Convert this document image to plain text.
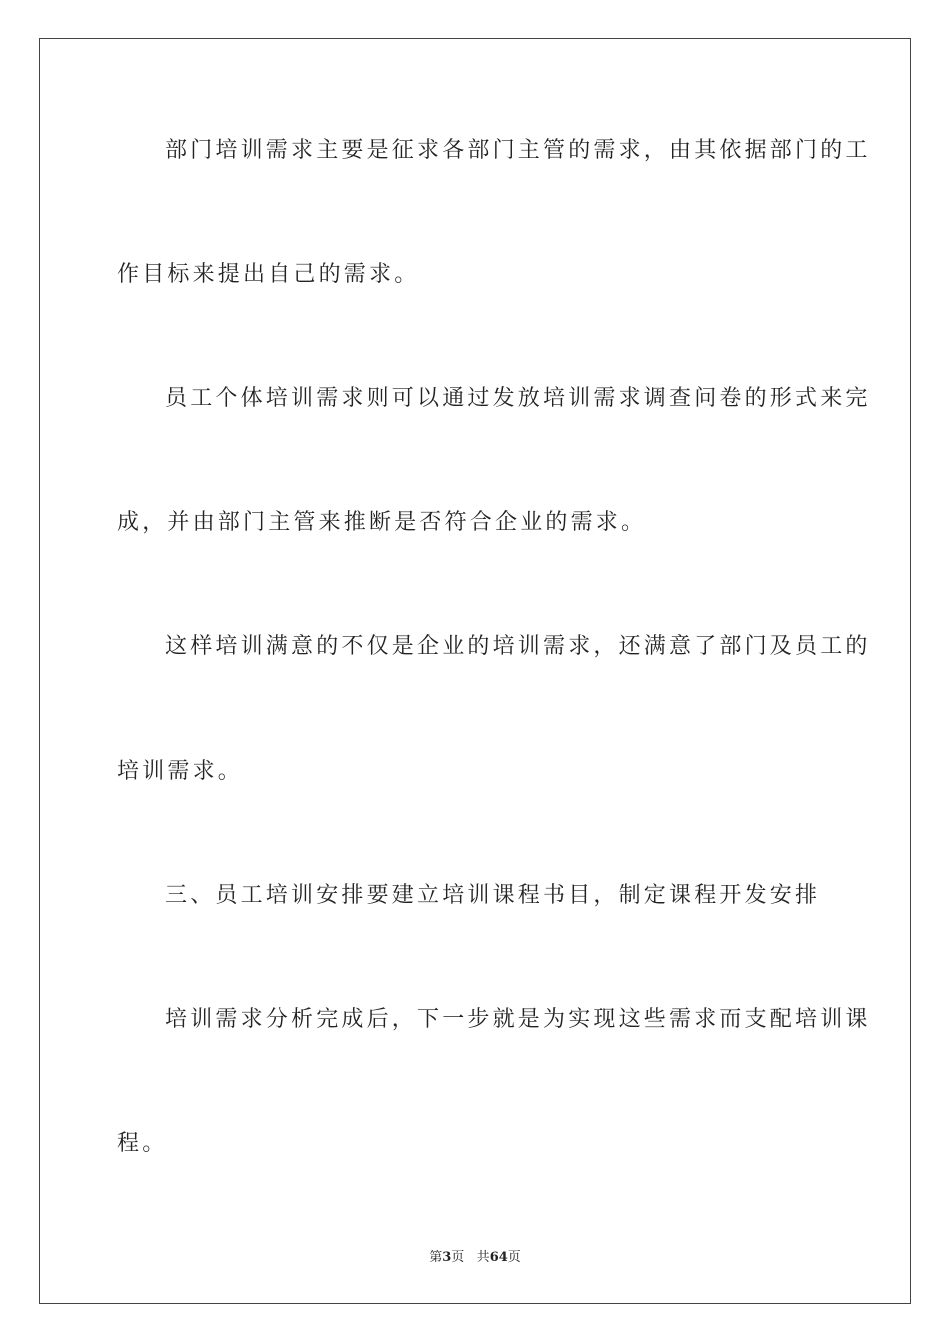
部门培训需求主要是征求各部门主管的需求，由其依据部门的工
作目标来提出自己的需求。
员工个体培训需求则可以通过发放培训需求调查问卷的形式来完
成，并由部门主管来推断是否符合企业的需求。
这样培训满意的不仅是企业的培训需求，还满意了部门及员工的
培训需求。
三、员工培训安排要建立培训课程书目，制定课程开发安排
培训需求分析完成后，下一步就是为实现这些需求而支配培训课
程。
第3页 共64页
